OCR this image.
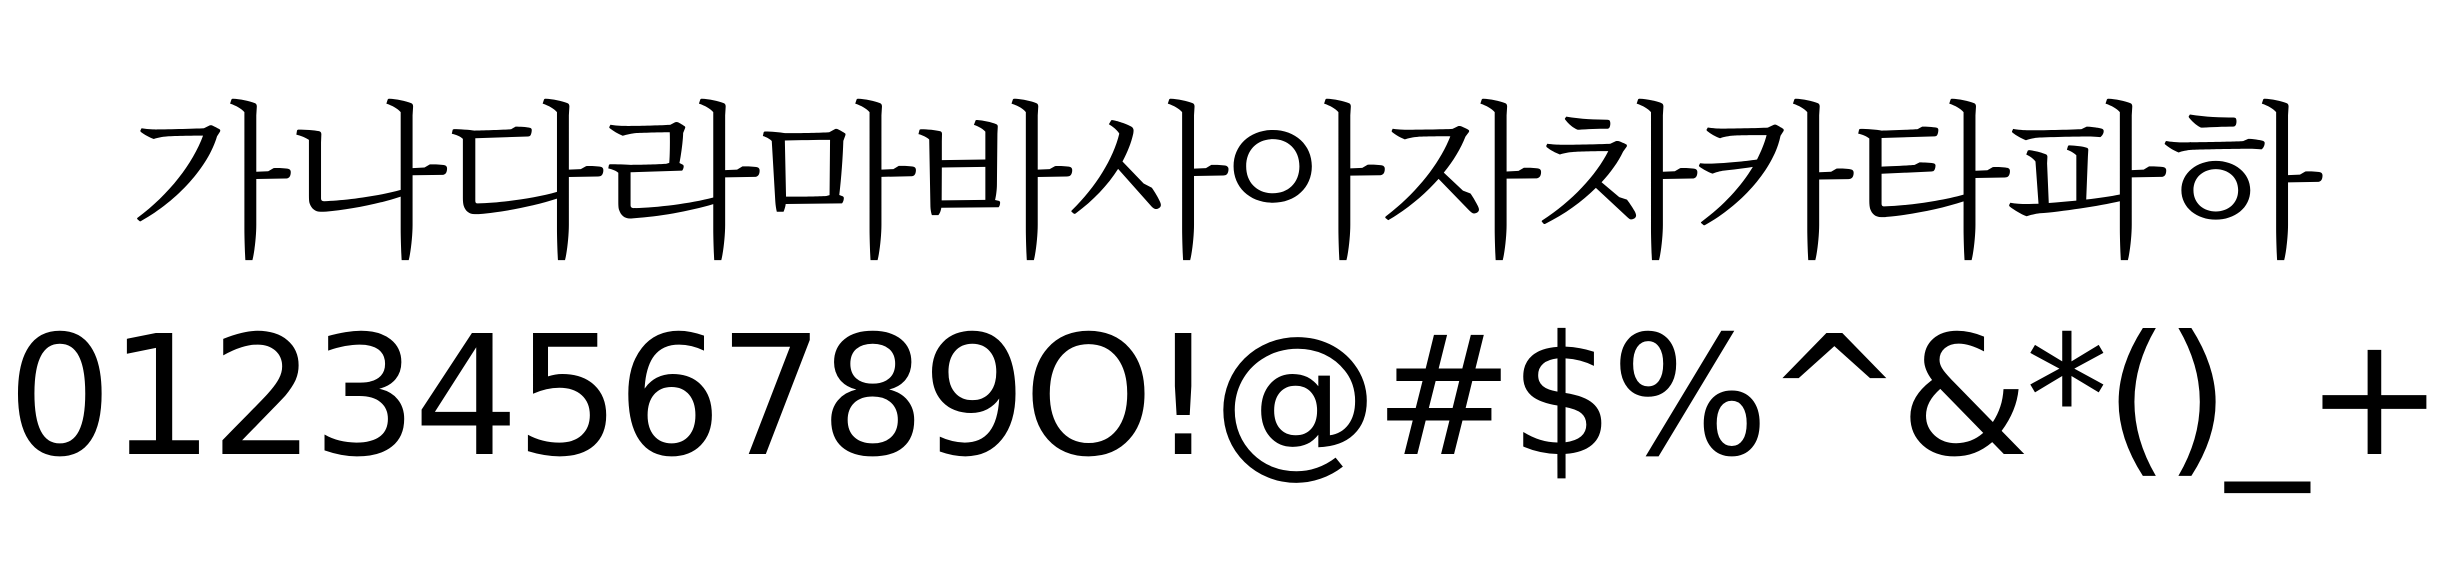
가나다라마바사아자차카타파하
0123456789O!@#$%^&*()_+
